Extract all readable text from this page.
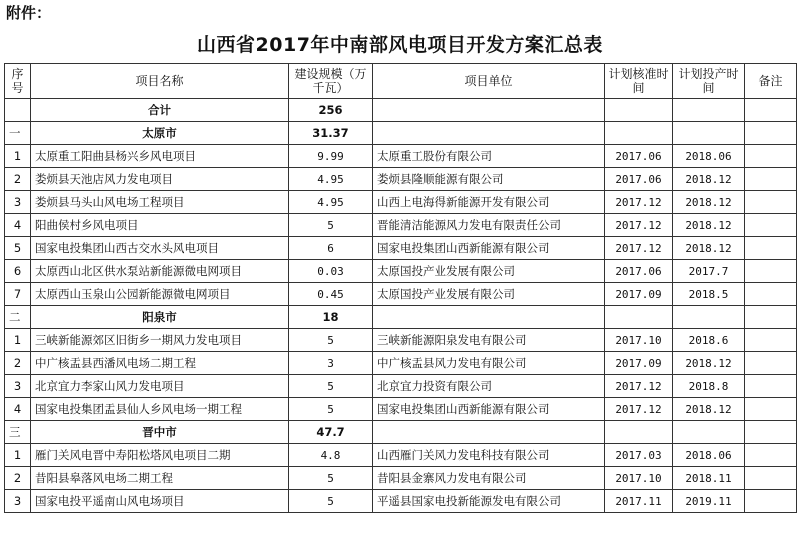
附件：
山西省2017年中南部风电项目开发方案汇总表
序号	项目名称	建设规模（万千瓦）	项目单位	计划核准时间	计划投产时间	备注
	合计	256				
一	太原市	31.37				
1	太原重工阳曲县杨兴乡风电项目	9.99	太原重工股份有限公司	2017.06	2018.06	
2	娄烦县天池店风力发电项目	4.95	娄烦县隆顺能源有限公司	2017.06	2018.12	
3	娄烦县马头山风电场工程项目	4.95	山西上电海得新能源开发有限公司	2017.12	2018.12	
4	阳曲侯村乡风电项目	5	晋能清洁能源风力发电有限责任公司	2017.12	2018.12	
5	国家电投集团山西古交水头风电项目	6	国家电投集团山西新能源有限公司	2017.12	2018.12	
6	太原西山北区供水泵站新能源微电网项目	0.03	太原国投产业发展有限公司	2017.06	2017.7	
7	太原西山玉泉山公园新能源微电网项目	0.45	太原国投产业发展有限公司	2017.09	2018.5	
二	阳泉市	18				
1	三峡新能源郊区旧街乡一期风力发电项目	5	三峡新能源阳泉发电有限公司	2017.10	2018.6	
2	中广核盂县西潘风电场二期工程	3	中广核盂县风力发电有限公司	2017.09	2018.12	
3	北京宜力李家山风力发电项目	5	北京宜力投资有限公司	2017.12	2018.8	
4	国家电投集团盂县仙人乡风电场一期工程	5	国家电投集团山西新能源有限公司	2017.12	2018.12	
三	晋中市	47.7				
1	雁门关风电晋中寿阳松塔风电项目二期	4.8	山西雁门关风力发电科技有限公司	2017.03	2018.06	
2	昔阳县皋落风电场二期工程	5	昔阳县金寨风力发电有限公司	2017.10	2018.11	
3	国家电投平遥南山风电场项目	5	平遥县国家电投新能源发电有限公司	2017.11	2019.11	
